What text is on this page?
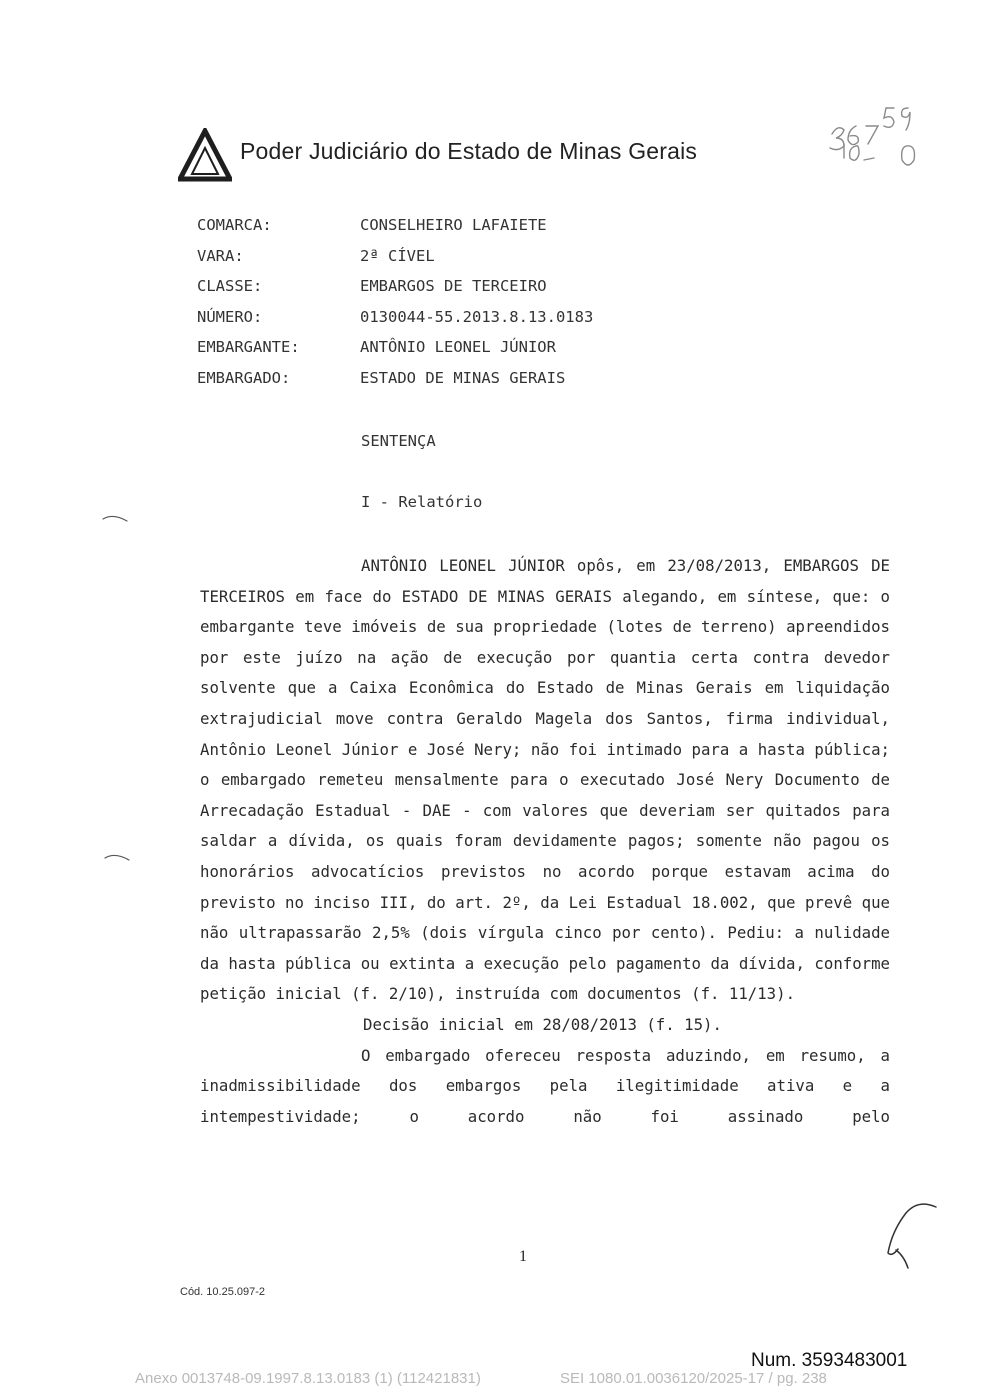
Poder Judiciário do Estado de Minas Gerais
COMARCA:	CONSELHEIRO LAFAIETE
VARA:	2ª CÍVEL
CLASSE:	EMBARGOS DE TERCEIRO
NÚMERO:	0130044-55.2013.8.13.0183
EMBARGANTE:	ANTÔNIO LEONEL JÚNIOR
EMBARGADO:	ESTADO DE MINAS GERAIS
SENTENÇA
I - Relatório

ANTÔNIO LEONEL JÚNIOR opôs, em 23/08/2013, EMBARGOS DE TERCEIROS em face do ESTADO DE MINAS GERAIS alegando, em síntese, que: o embargante teve imóveis de sua propriedade (lotes de terreno) apreendidos por este juízo na ação de execução por quantia certa contra devedor solvente que a Caixa Econômica do Estado de Minas Gerais em liquidação extrajudicial move contra Geraldo Magela dos Santos, firma individual, Antônio Leonel Júnior e José Nery; não foi intimado para a hasta pública; o embargado remeteu mensalmente para o executado José Nery Documento de Arrecadação Estadual - DAE - com valores que deveriam ser quitados para saldar a dívida, os quais foram devidamente pagos; somente não pagou os honorários advocatícios previstos no acordo porque estavam acima do previsto no inciso III, do art. 2º, da Lei Estadual 18.002, que prevê que não ultrapassarão 2,5% (dois vírgula cinco por cento). Pediu: a nulidade da hasta pública ou extinta a execução pelo pagamento da dívida, conforme petição inicial (f. 2/10), instruída com documentos (f. 11/13).

Decisão inicial em 28/08/2013 (f. 15).

O embargado ofereceu resposta aduzindo, em resumo, a inadmissibilidade dos embargos pela ilegitimidade ativa e a intempestividade; o acordo não foi assinado pelo

1
Cód. 10.25.097-2
Num. 3593483001
Anexo 0013748-09.1997.8.13.0183 (1) (112421831)	SEI 1080.01.0036120/2025-17 / pg. 238
